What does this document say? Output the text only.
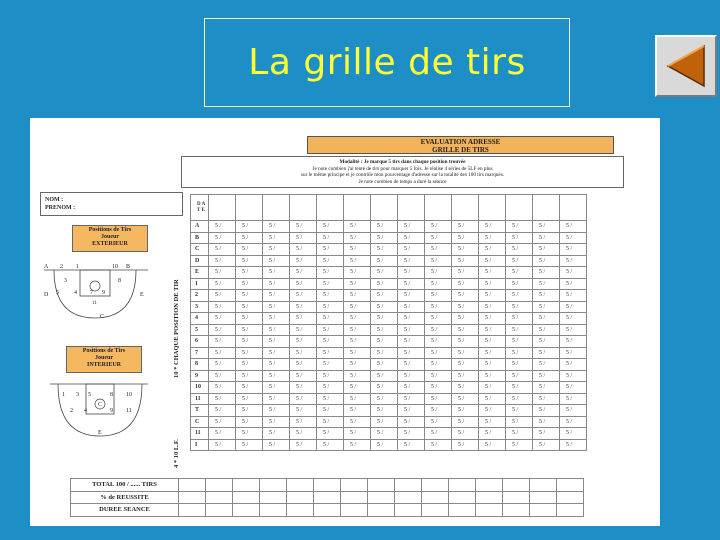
La grille de tirs
EVALUATION ADRESSE
GRILLE DE TIRS
Modalité : Je marque 5 tirs dans chaque position trouvée
Je note combien j'ai tenté de tirs pour marquer 5 fois. Je réalise 4 séries de 5LF en plus
sur le même principe et je contrôle mon pourcentage d'adresse sur la totalité des 100 tirs marqués.
Je note combien de temps a duré la séance
NOM :
PRENOM :
Positions de Tirs
Joueur
EXTERIEUR
A 2 1	10 B
3	8
5	4 7 9	E
11
C
D
Positions de Tirs
Joueur
INTERIEUR
1 3 5	8 10
C
2 4	9 11
E
10 * CHAQUE POSITION DE TIR
4 * 10 L.F.
D A T E														
A	5 /	5 /	5 /	5 /	5 /	5 /	5 /	5 /	5 /	5 /	5 /	5 /	5 /	5 /
B	5 /	5 /	5 /	5 /	5 /	5 /	5 /	5 /	5 /	5 /	5 /	5 /	5 /	5 /
C	5 /	5 /	5 /	5 /	5 /	5 /	5 /	5 /	5 /	5 /	5 /	5 /	5 /	5 /
D	5 /	5 /	5 /	5 /	5 /	5 /	5 /	5 /	5 /	5 /	5 /	5 /	5 /	5 /
E	5 /	5 /	5 /	5 /	5 /	5 /	5 /	5 /	5 /	5 /	5 /	5 /	5 /	5 /
1	5 /	5 /	5 /	5 /	5 /	5 /	5 /	5 /	5 /	5 /	5 /	5 /	5 /	5 /
2	5 /	5 /	5 /	5 /	5 /	5 /	5 /	5 /	5 /	5 /	5 /	5 /	5 /	5 /
3	5 /	5 /	5 /	5 /	5 /	5 /	5 /	5 /	5 /	5 /	5 /	5 /	5 /	5 /
4	5 /	5 /	5 /	5 /	5 /	5 /	5 /	5 /	5 /	5 /	5 /	5 /	5 /	5 /
5	5 /	5 /	5 /	5 /	5 /	5 /	5 /	5 /	5 /	5 /	5 /	5 /	5 /	5 /
6	5 /	5 /	5 /	5 /	5 /	5 /	5 /	5 /	5 /	5 /	5 /	5 /	5 /	5 /
7	5 /	5 /	5 /	5 /	5 /	5 /	5 /	5 /	5 /	5 /	5 /	5 /	5 /	5 /
8	5 /	5 /	5 /	5 /	5 /	5 /	5 /	5 /	5 /	5 /	5 /	5 /	5 /	5 /
9	5 /	5 /	5 /	5 /	5 /	5 /	5 /	5 /	5 /	5 /	5 /	5 /	5 /	5 /
10	5 /	5 /	5 /	5 /	5 /	5 /	5 /	5 /	5 /	5 /	5 /	5 /	5 /	5 /
11	5 /	5 /	5 /	5 /	5 /	5 /	5 /	5 /	5 /	5 /	5 /	5 /	5 /	5 /
T	5 /	5 /	5 /	5 /	5 /	5 /	5 /	5 /	5 /	5 /	5 /	5 /	5 /	5 /
C	5 /	5 /	5 /	5 /	5 /	5 /	5 /	5 /	5 /	5 /	5 /	5 /	5 /	5 /
11	5 /	5 /	5 /	5 /	5 /	5 /	5 /	5 /	5 /	5 /	5 /	5 /	5 /	5 /
I	5 /	5 /	5 /	5 /	5 /	5 /	5 /	5 /	5 /	5 /	5 /	5 /	5 /	5 /
TOTAL 100 / ...... TIRS															
% de REUSSITE															
DUREE SEANCE															
